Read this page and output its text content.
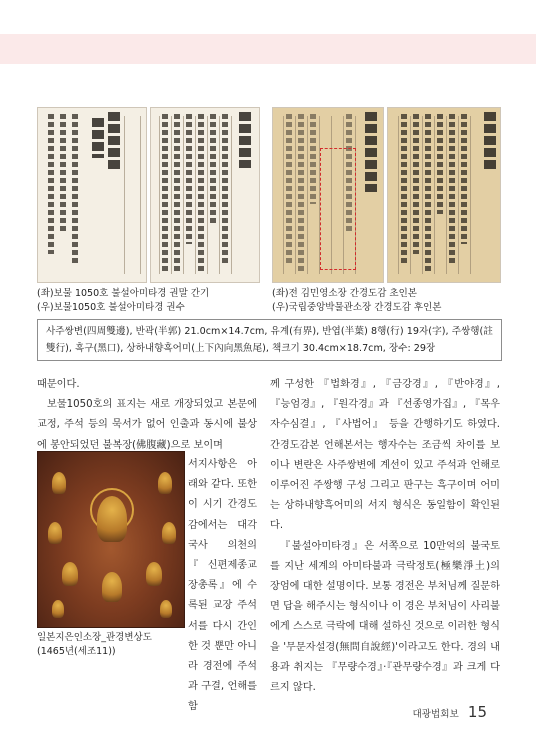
(좌)보물 1050호 불설아미타경 권말 간기
(우)보물1050호 불설아미타경 권수
(좌)전 김민영소장 간경도감 초인본
(우)국립중앙박물관소장 간경도감 후인본
사주쌍변(四周雙邊), 반곽(半郭) 21.0cm×14.7cm, 유계(有界), 반엽(半葉) 8행(行) 19자(字), 주쌍행(註雙行), 흑구(黑口), 상하내향흑어미(上下內向黑魚尾), 책크기 30.4cm×18.7cm, 장수: 29장

때문이다.

보물1050호의 표지는 새로 개장되었고 본문에 교정, 주석 등의 묵서가 없어 인출과 동시에 불상에 봉안되었던 불복장(佛腹藏)으로 보이며

일본지은인소장_관경변상도
(1465년(세조11))

서지사항은 아래와 같다. 또한 이 시기 간경도감에서는 대각국사 의천의 『신편제종교장총록』에 수록된 교장 주석서를 다시 간인한 것 뿐만 아니라 경전에 주석과 구결, 언해를 함

께 구성한 『법화경』, 『금강경』, 『반야경』, 『능엄경』, 『원각경』과 『선종영가집』, 『목우자수심결』, 『사법어』 등을 간행하기도 하였다. 간경도감본 언해본서는 행자수는 조금씩 차이를 보이나 변란은 사주쌍변에 계선이 있고 주석과 언해로 이루어진 주쌍행 구성 그리고 판구는 흑구이며 어미는 상하내향흑어미의 서지 형식은 동일함이 확인된다.

『불설아미타경』은 서쪽으로 10만억의 불국토를 지난 세계의 아미타불과 극락정토(極樂淨土)의 장엄에 대한 설명이다. 보통 경전은 부처님께 질문하면 답을 해주시는 형식이나 이 경은 부처님이 사리불에게 스스로 극락에 대해 설하신 것으로 이러한 형식을 '무문자설경(無問自說經)'이라고도 한다. 경의 내용과 취지는 『무량수경』·『관무량수경』과 크게 다르지 않다.

대광법회보 15
